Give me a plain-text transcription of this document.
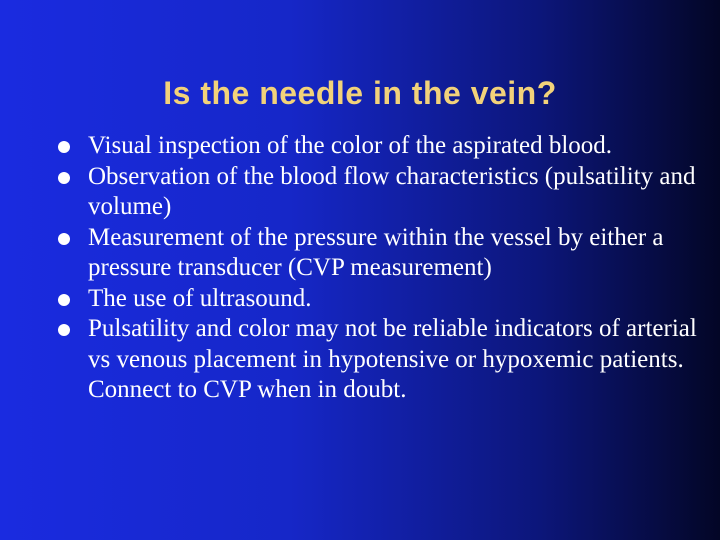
Is the needle in the vein?
Visual inspection of the color of the aspirated blood.
Observation of the blood flow characteristics (pulsatility and volume)
Measurement of the pressure within the vessel by either a pressure transducer (CVP measurement)
The use of ultrasound.
Pulsatility and color may not be reliable indicators of arterial vs venous placement in hypotensive or hypoxemic patients. Connect to CVP when in doubt.
